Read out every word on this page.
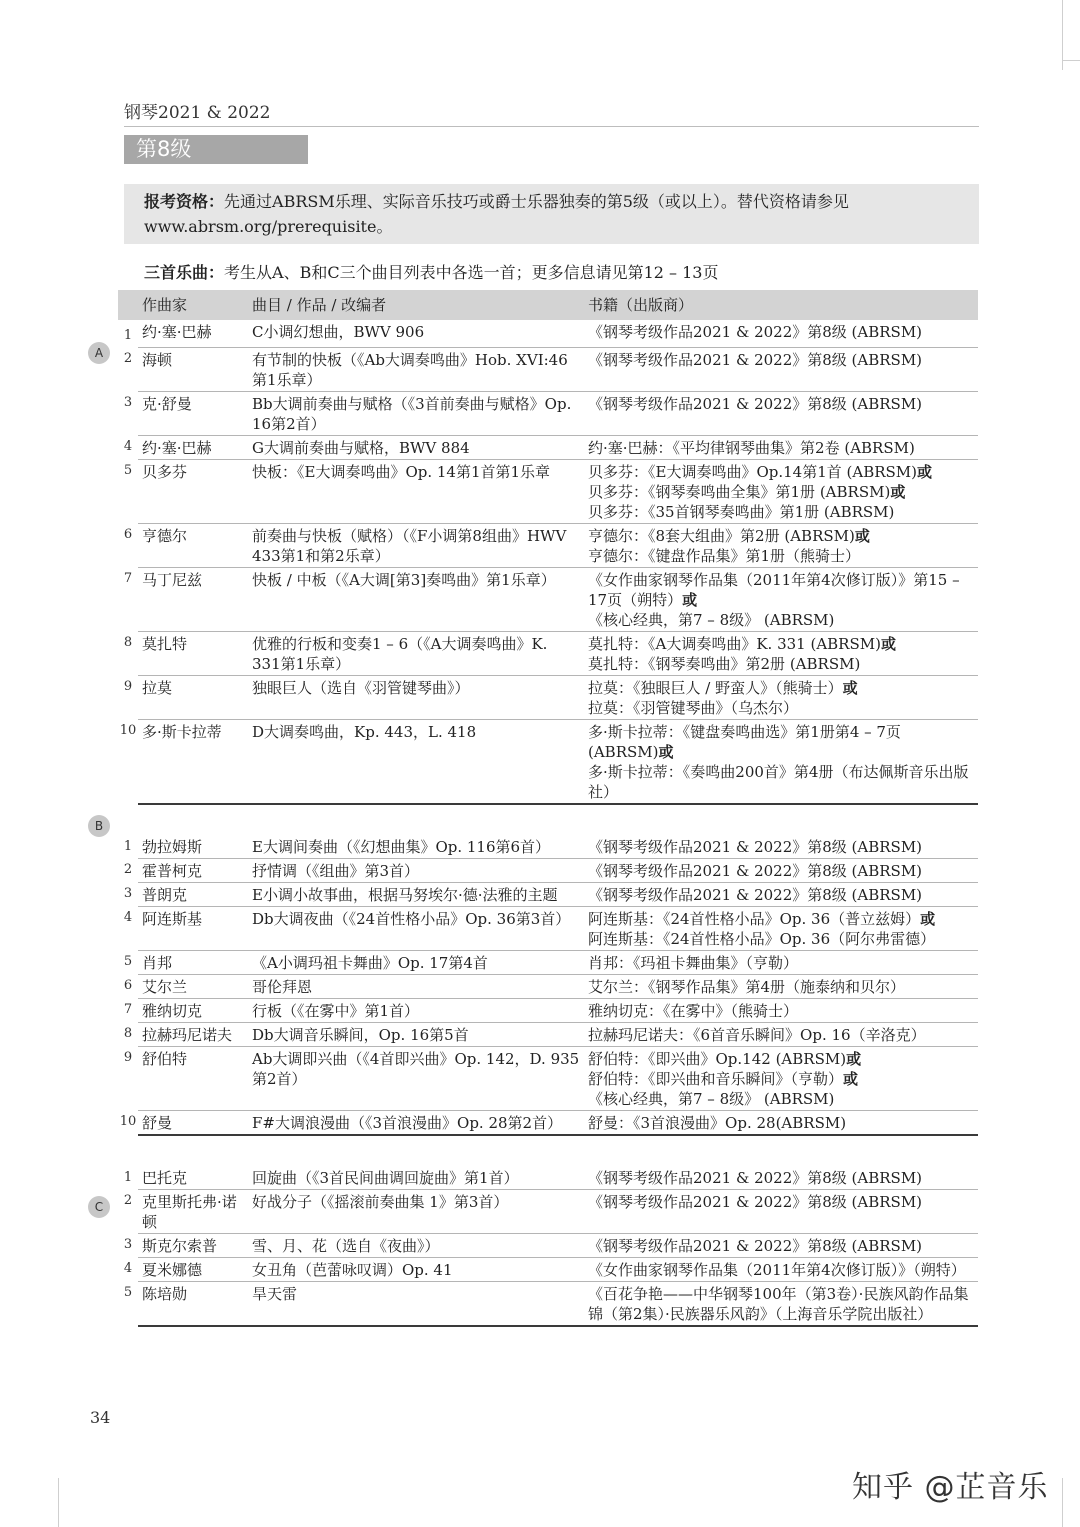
钢琴2021 & 2022
第8级
报考资格：先通过ABRSM乐理、实际音乐技巧或爵士乐器独奏的第5级（或以上）。替代资格请参见
www.abrsm.org/prerequisite。
三首乐曲：考生从A、B和C三个曲目列表中各选一首；更多信息请见第12 – 13页
	作曲家	曲目 / 作品 / 改编者	书籍（出版商）
1	约·塞·巴赫	C小调幻想曲，BWV 906	《钢琴考级作品2021 & 2022》第8级 (ABRSM)

2	海顿	有节制的快板（《Ab大调奏鸣曲》Hob. XVI:46第1乐章）	《钢琴考级作品2021 & 2022》第8级 (ABRSM)

3	克·舒曼	Bb大调前奏曲与赋格（《3首前奏曲与赋格》Op. 16第2首）	《钢琴考级作品2021 & 2022》第8级 (ABRSM)

4	约·塞·巴赫	G大调前奏曲与赋格，BWV 884	约·塞·巴赫：《平均律钢琴曲集》第2卷 (ABRSM)

5	贝多芬	快板：《E大调奏鸣曲》Op. 14第1首第1乐章	贝多芬：《E大调奏鸣曲》Op.14第1首 (ABRSM)或
贝多芬：《钢琴奏鸣曲全集》第1册 (ABRSM)或
贝多芬：《35首钢琴奏鸣曲》第1册 (ABRSM)

6	亨德尔	前奏曲与快板（赋格）（《F小调第8组曲》HWV 433第1和第2乐章）	亨德尔：《8套大组曲》第2册 (ABRSM)或
亨德尔：《键盘作品集》第1册（熊骑士）

7	马丁尼兹	快板 / 中板（《A大调[第3]奏鸣曲》第1乐章）	《女作曲家钢琴作品集（2011年第4次修订版）》第15 – 17页（朔特）或
《核心经典，第7 – 8级》 (ABRSM)

8	莫扎特	优雅的行板和变奏1 – 6（《A大调奏鸣曲》K. 331第1乐章）	莫扎特：《A大调奏鸣曲》K. 331 (ABRSM)或
莫扎特：《钢琴奏鸣曲》第2册 (ABRSM)

9	拉莫	独眼巨人（选自《羽管键琴曲》）	拉莫：《独眼巨人 / 野蛮人》（熊骑士）或
拉莫：《羽管键琴曲》（乌杰尔）

10	多·斯卡拉蒂	D大调奏鸣曲，Kp. 443，L. 418	多·斯卡拉蒂：《键盘奏鸣曲选》第1册第4 – 7页 (ABRSM)或
多·斯卡拉蒂：《奏鸣曲200首》第4册（布达佩斯音乐出版社）

1	勃拉姆斯	E大调间奏曲（《幻想曲集》Op. 116第6首）	《钢琴考级作品2021 & 2022》第8级 (ABRSM)

2	霍普柯克	抒情调（《组曲》第3首）	《钢琴考级作品2021 & 2022》第8级 (ABRSM)

3	普朗克	E小调小故事曲，根据马努埃尔·德·法雅的主题	《钢琴考级作品2021 & 2022》第8级 (ABRSM)

4	阿连斯基	Db大调夜曲（《24首性格小品》Op. 36第3首）	阿连斯基：《24首性格小品》Op. 36（普立兹姆）或
阿连斯基：《24首性格小品》Op. 36（阿尔弗雷德）

5	肖邦	《A小调玛祖卡舞曲》Op. 17第4首	肖邦：《玛祖卡舞曲集》（亨勒）

6	艾尔兰	哥伦拜恩	艾尔兰：《钢琴作品集》第4册（施泰纳和贝尔）

7	雅纳切克	行板（《在雾中》第1首）	雅纳切克：《在雾中》（熊骑士）

8	拉赫玛尼诺夫	Db大调音乐瞬间，Op. 16第5首	拉赫玛尼诺夫：《6首音乐瞬间》Op. 16（辛洛克）

9	舒伯特	Ab大调即兴曲（《4首即兴曲》Op. 142，D. 935第2首）	舒伯特：《即兴曲》Op.142 (ABRSM)或
舒伯特：《即兴曲和音乐瞬间》（亨勒）或
《核心经典，第7 – 8级》 (ABRSM)

10	舒曼	F#大调浪漫曲（《3首浪漫曲》Op. 28第2首）	舒曼：《3首浪漫曲》Op. 28(ABRSM)

1	巴托克	回旋曲（《3首民间曲调回旋曲》第1首）	《钢琴考级作品2021 & 2022》第8级 (ABRSM)

2	克里斯托弗·诺顿	好战分子（《摇滚前奏曲集 1》第3首）	《钢琴考级作品2021 & 2022》第8级 (ABRSM)

3	斯克尔索普	雪、月、花（选自《夜曲》）	《钢琴考级作品2021 & 2022》第8级 (ABRSM)

4	夏米娜德	女丑角（芭蕾咏叹调）Op. 41	《女作曲家钢琴作品集（2011年第4次修订版）》（朔特）

5	陈培勋	旱天雷	《百花争艳——中华钢琴100年（第3卷）·民族风韵作品集锦（第2集）·民族器乐风韵》（上海音乐学院出版社）
A
B
C
34
知乎 @芷音乐
